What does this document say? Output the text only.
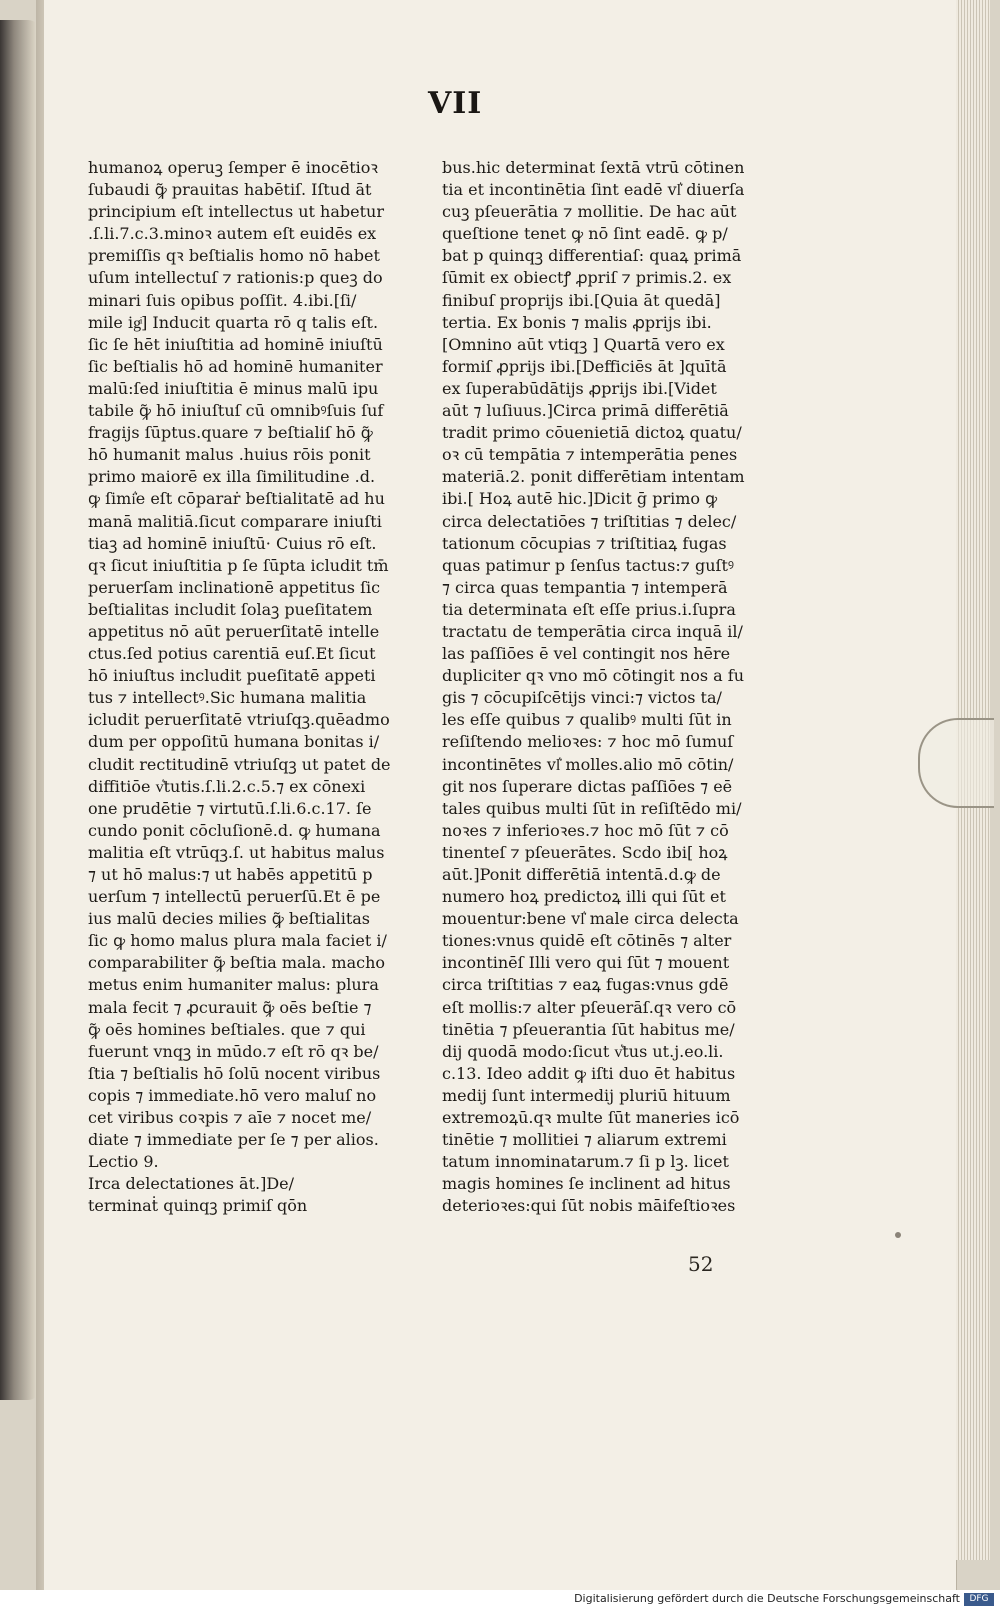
VII
humanoꝝ operuꝫ ſemper ē inocētioꝛ
ſubaudi ꝙ͂ prauitas habētiſ. Iſtud āt
principium eſt intellectus ut habetur
.ſ.li.7.c.3.minoꝛ autem eſt euidēs ex
premiſſis qꝛ beſtialis homo nō habet
uſum intellectuſ ⁊ rationis:p queꝫ do
minari ſuis opibus poſſit. 4.ibi.[ſi/
mile igͥ] Inducit quarta rō q talis eſt.
ſic ſe hēt iniuſtitia ad hominē iniuſtū
ſic beſtialis hō ad hominē humaniter
malū:ſed iniuſtitia ē minus malū ipu
tabile ꝙ͂ hō iniuſtuſ cū omnibꝰſuis ſuf
fragijs ſūptus.quare ⁊ beſtialiſ hō ꝙ͂
hō humanit malus .huius rōis ponit
primo maiorē ex illa ſimilitudine .d.
ꝙ ſimi͛e eſt cōparaṙ beſtialitatē ad hu
manā malitiā.ſicut comparare iniuſti
tiaꝫ ad hominē iniuſtū· Cuius rō eſt.
qꝛ ſicut iniuſtitia p ſe ſūpta icludit tm̄
peruerſam inclinationē appetitus ſic
beſtialitas includit ſolaꝫ pueſitatem
appetitus nō aūt peruerſitatē intelle
ctus.ſed potius carentiā euſ.Et ſicut
hō iniuſtus includit pueſitatē appeti
tus ⁊ intellectꝰ.Sic humana malitia
icludit peruerſitatē vtriuſqꝫ.quēadmo
dum per oppoſitū humana bonitas i/
cludit rectitudinē vtriuſqꝫ ut patet de
diffitiōe v͛tutis.ſ.li.2.c.5.⁊ ex cōnexi
one prudētie ⁊ virtutū.ſ.li.6.c.17. ſe
cundo ponit cōcluſionē.d. ꝙ humana
malitia eſt vtrūqꝫ.ſ. ut habitus malus
⁊ ut hō malus:⁊ ut habēs appetitū p
uerſum ⁊ intellectū peruerſū.Et ē pe
ius malū decies milies ꝙ͂ beſtialitas
ſic ꝙ homo malus plura mala faciet i/
comparabiliter ꝙ͂ beſtia mala. macho
metus enim humaniter malus: plura
mala fecit ⁊ ꝓcurauit ꝙ͂ oēs beſtie ⁊
ꝙ͂ oēs homines beſtiales. que ⁊ qui
fuerunt vnqꝫ in mūdo.⁊ eſt rō qꝛ be/
ſtia ⁊ beſtialis hō ſolū nocent viribus
copis ⁊ immediate.hō vero maluſ no
cet viribus coꝛpis ⁊ aīe ⁊ nocet me/
diate ⁊ immediate per ſe ⁊ per alios.
Lectio 9.
Irca delectationes āt.]De/
terminaṫ quinqꝫ primiſ qōn
bus.hic determinat ſextā vtrū cōtinen
tia et incontinētia ſint eadē vl͛ diuerſa
cuꝫ pſeuerātia ⁊ mollitie. De hac aūt
queſtione tenet ꝙ nō ſint eadē. ꝙ p/
bat p quinqꝫ differentiaſ: quaꝝ primā
ſūmit ex obiectꝭ ꝓpriſ ⁊ primis.2. ex
finibuſ proprijs ibi.[Quia āt quedā]
tertia. Ex bonis ⁊ malis ꝓprijs ibi.
[Omnino aūt vtiqꝫ ] Quartā vero ex
formiſ ꝓprijs ibi.[Defficiēs āt ]quītā
ex ſuperabūdātijs ꝓprijs ibi.[Videt
aūt ⁊ luſiuus.]Circa primā differētiā
tradit primo cōuenietiā dictoꝝ quatu/
oꝛ cū tempātia ⁊ intemperātia penes
materiā.2. ponit differētiam intentam
ibi.[ Hoꝝ autē hic.]Dicit ḡ primo ꝙ
circa delectatiōes ⁊ triſtitias ⁊ delec/
tationum cōcupias ⁊ triſtitiaꝝ fugas
quas patimur p ſenſus tactus:⁊ guſtꝰ
⁊ circa quas tempantia ⁊ intemperā
tia determinata eſt eſſe prius.i.ſupra
tractatu de temperātia circa inquā il/
las paſſiōes ē vel contingit nos hēre
dupliciter qꝛ vno mō cōtingit nos a fu
gis ⁊ cōcupiſcētijs vinci:⁊ victos ta/
les eſſe quibus ⁊ qualibꝰ multi ſūt in
reſiſtendo melioꝛes: ⁊ hoc mō ſumuſ
incontinētes vl͛ molles.alio mō cōtin/
git nos ſuperare dictas paſſiōes ⁊ eē
tales quibus multi ſūt in reſiſtēdo mi/
noꝛes ⁊ inferioꝛes.⁊ hoc mō ſūt ⁊ cō
tinenteſ ⁊ pſeuerātes. Scdo ibi[ hoꝝ
aūt.]Ponit differētiā intentā.d.ꝙ de
numero hoꝝ predictoꝝ illi qui ſūt et
mouentur:bene vl͛ male circa delecta
tiones:vnus quidē eſt cōtinēs ⁊ alter
incontinēſ Illi vero qui ſūt ⁊ mouent
circa triſtitias ⁊ eaꝝ fugas:vnus gdē
eſt mollis:⁊ alter pſeuerāſ.qꝛ vero cō
tinētia ⁊ pſeuerantia ſūt habitus me/
dij quodā modo:ſicut v͛tus ut.j.eo.li.
c.13. Ideo addit ꝙ iſti duo ēt habitus
medij ſunt intermedij pluriū hituum
extremoꝝū.qꝛ multe ſūt maneries icō
tinētie ⁊ mollitiei ⁊ aliarum extremi
tatum innominatarum.⁊ ſi p lꝫ. licet
magis homines ſe inclinent ad hitus
deterioꝛes:qui ſūt nobis māifeſtioꝛes
52
Digitalisierung gefördert durch die Deutsche Forschungsgemeinschaft	DFG
